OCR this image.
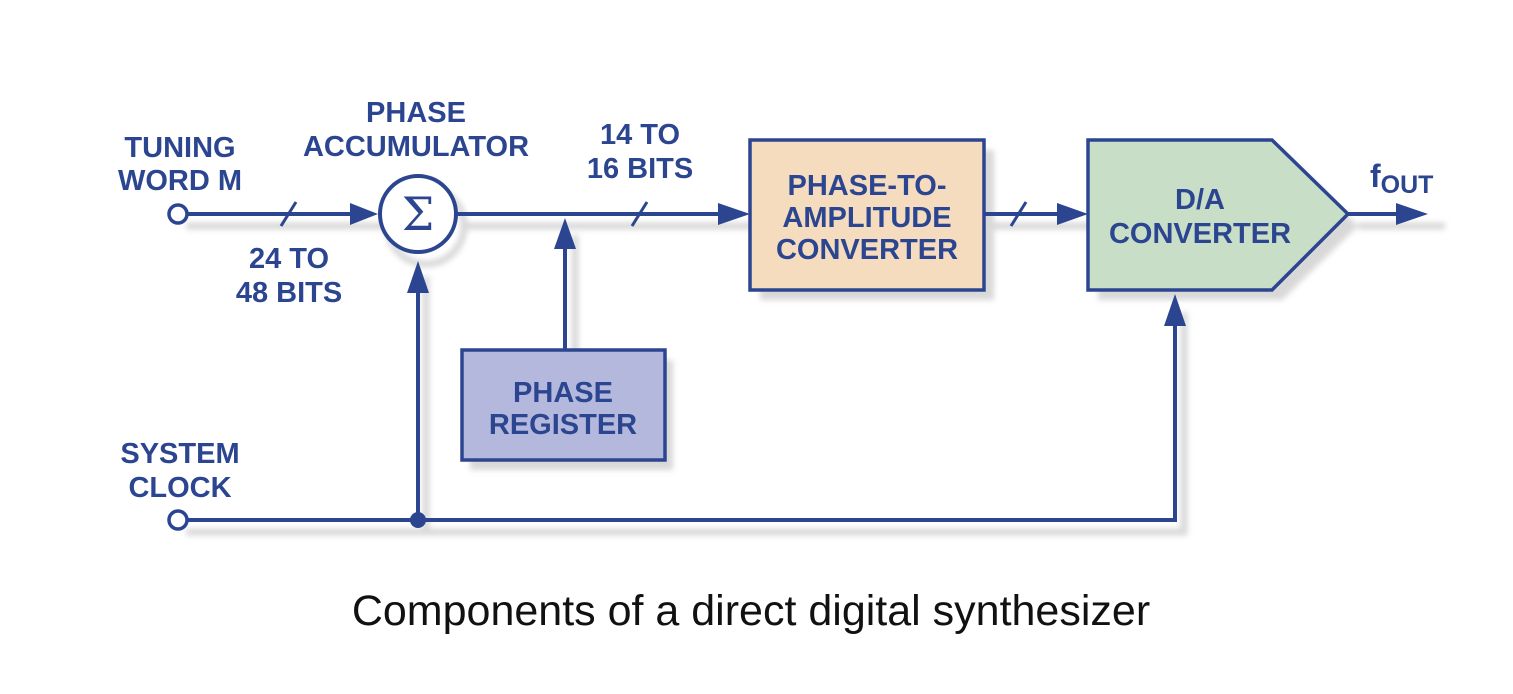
Σ
PHASE-TO-
AMPLITUDE
CONVERTER
D/A
CONVERTER
PHASE
REGISTER
TUNING
WORD M
PHASE
ACCUMULATOR
24 TO
48 BITS
14 TO
16 BITS
SYSTEM
CLOCK
fOUT
Components of a direct digital synthesizer
